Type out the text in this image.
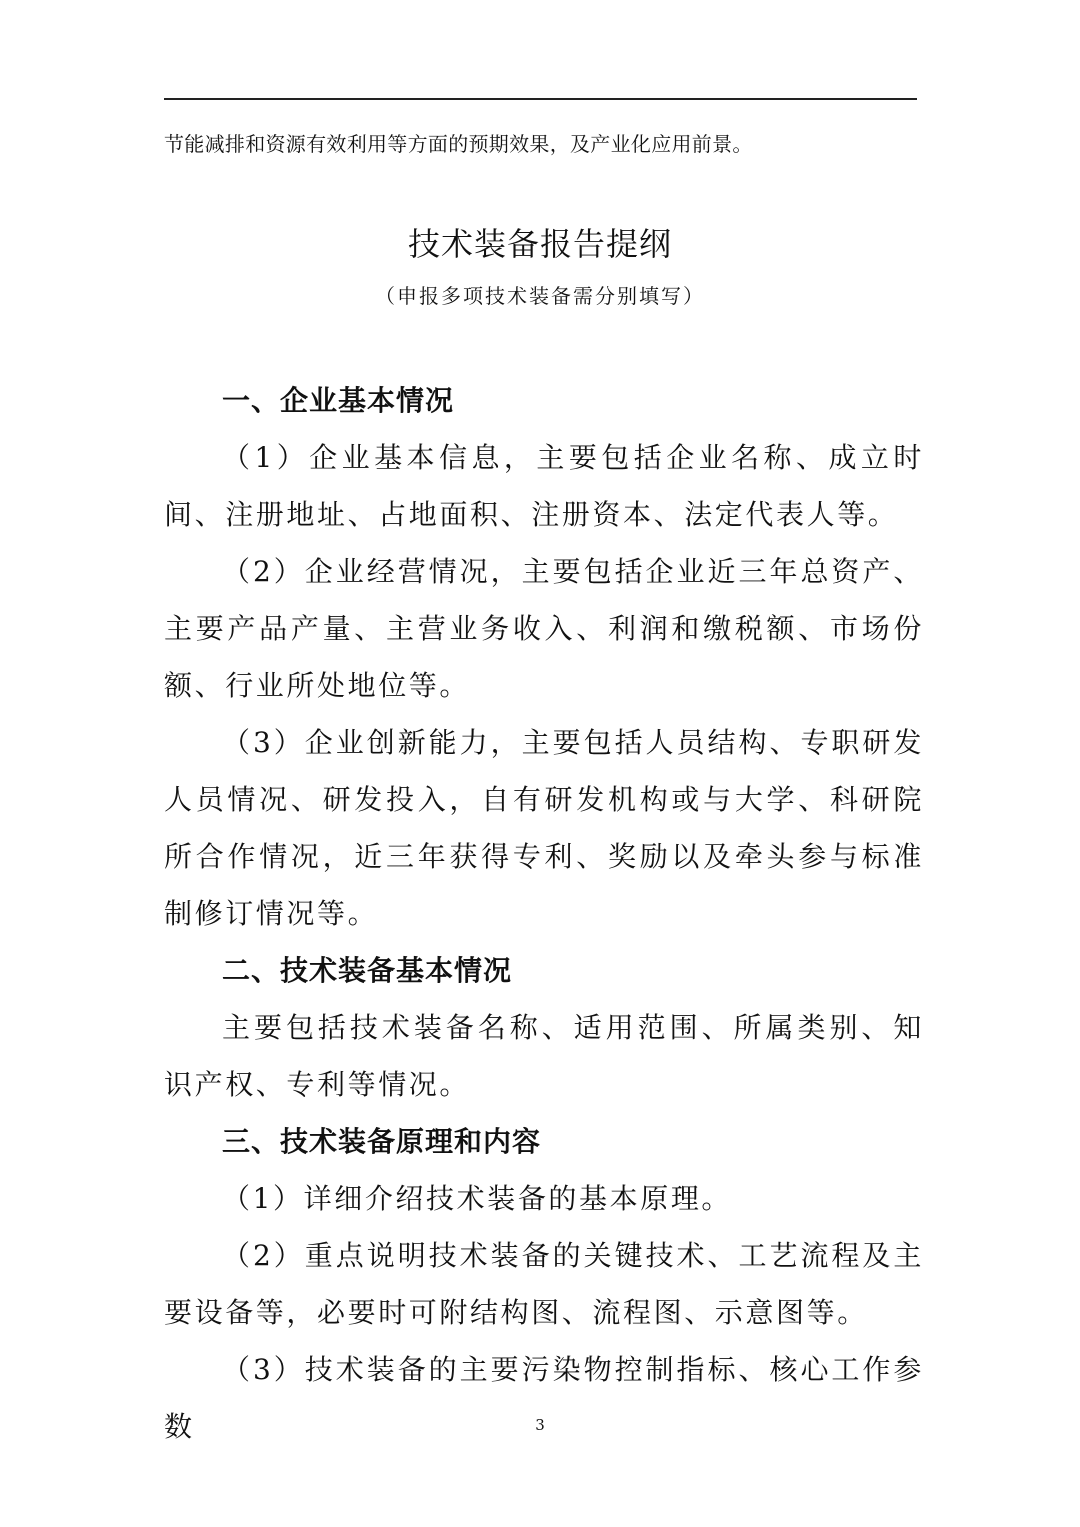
节能减排和资源有效利用等方面的预期效果，及产业化应用前景。
技术装备报告提纲
（申报多项技术装备需分别填写）

一、企业基本情况

（1）企业基本信息，主要包括企业名称、成立时间、注册地址、占地面积、注册资本、法定代表人等。

（2）企业经营情况，主要包括企业近三年总资产、主要产品产量、主营业务收入、利润和缴税额、市场份额、行业所处地位等。

（3）企业创新能力，主要包括人员结构、专职研发人员情况、研发投入，自有研发机构或与大学、科研院所合作情况，近三年获得专利、奖励以及牵头参与标准制修订情况等。

二、技术装备基本情况

主要包括技术装备名称、适用范围、所属类别、知识产权、专利等情况。

三、技术装备原理和内容

（1）详细介绍技术装备的基本原理。

（2）重点说明技术装备的关键技术、工艺流程及主要设备等，必要时可附结构图、流程图、示意图等。

（3）技术装备的主要污染物控制指标、核心工作参数	3
